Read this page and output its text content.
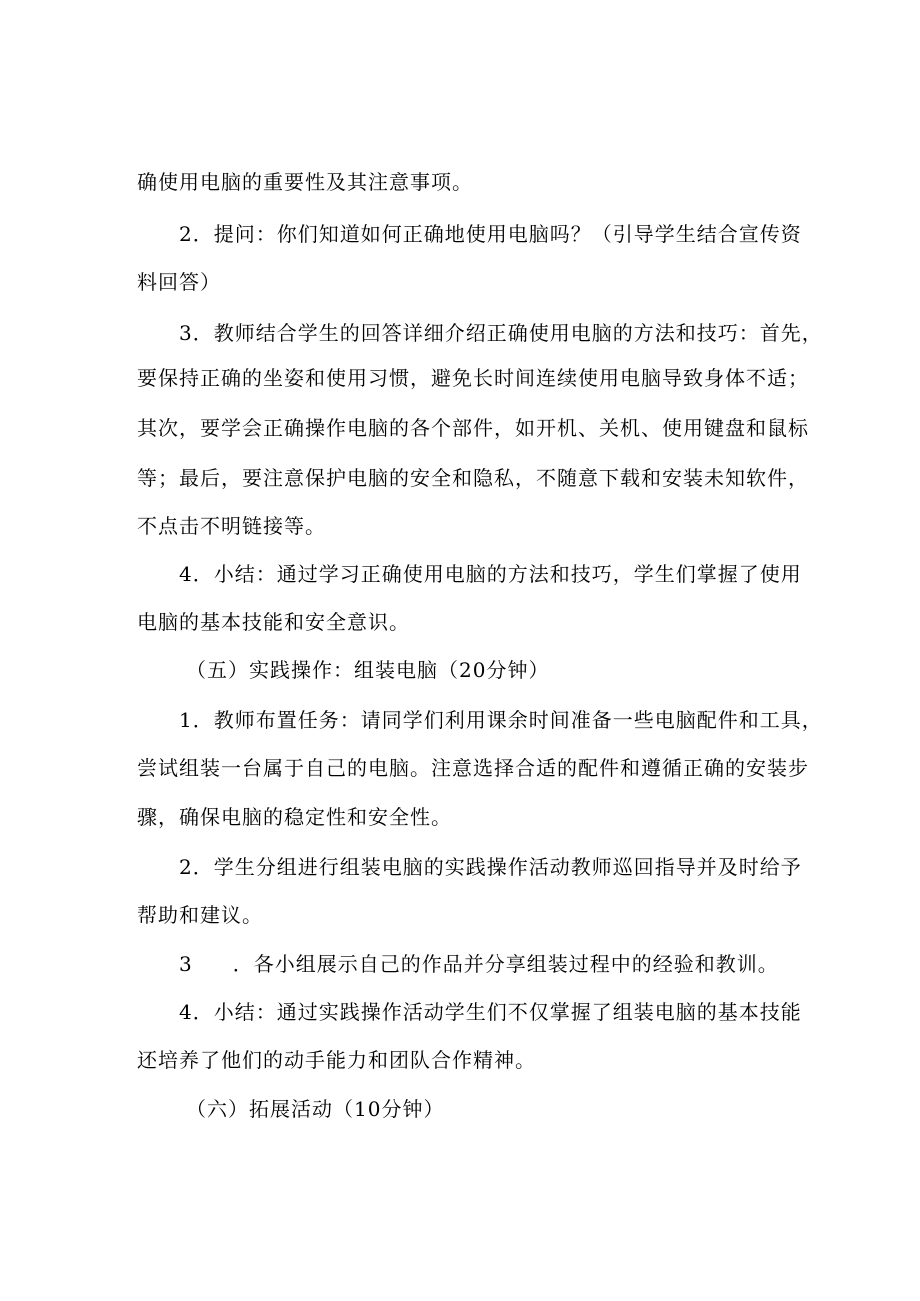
确使用电脑的重要性及其注意事项。
2．提问：你们知道如何正确地使用电脑吗？（引导学生结合宣传资
料回答）
3．教师结合学生的回答详细介绍正确使用电脑的方法和技巧：首先，
要保持正确的坐姿和使用习惯，避免长时间连续使用电脑导致身体不适；
其次，要学会正确操作电脑的各个部件，如开机、关机、使用键盘和鼠标
等；最后，要注意保护电脑的安全和隐私，不随意下载和安装未知软件，
不点击不明链接等。
4．小结：通过学习正确使用电脑的方法和技巧，学生们掌握了使用
电脑的基本技能和安全意识。
（五）实践操作：组装电脑（20分钟）
1．教师布置任务：请同学们利用课余时间准备一些电脑配件和工具，
尝试组装一台属于自己的电脑。注意选择合适的配件和遵循正确的安装步
骤，确保电脑的稳定性和安全性。
2．学生分组进行组装电脑的实践操作活动教师巡回指导并及时给予
帮助和建议。
3 ．各小组展示自己的作品并分享组装过程中的经验和教训。
4．小结：通过实践操作活动学生们不仅掌握了组装电脑的基本技能
还培养了他们的动手能力和团队合作精神。
（六）拓展活动（10分钟）
